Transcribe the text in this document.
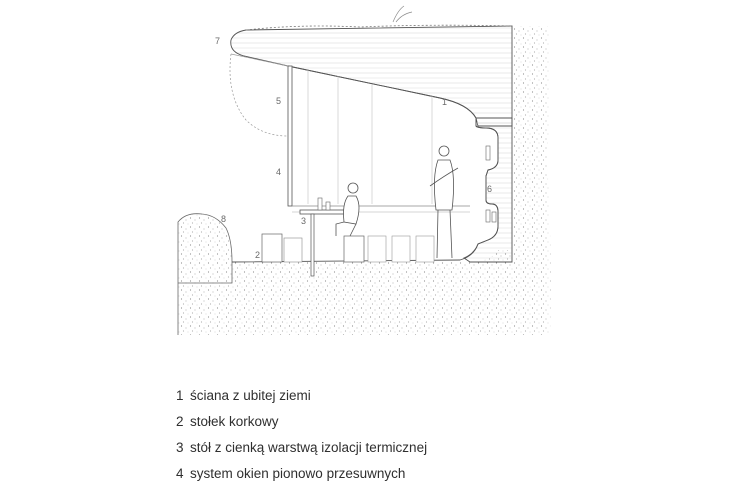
1
2
3
4
5
6
7
8
1 ściana z ubitej ziemi
2 stołek korkowy
3 stół z cienką warstwą izolacji termicznej
4 system okien pionowo przesuwnych
